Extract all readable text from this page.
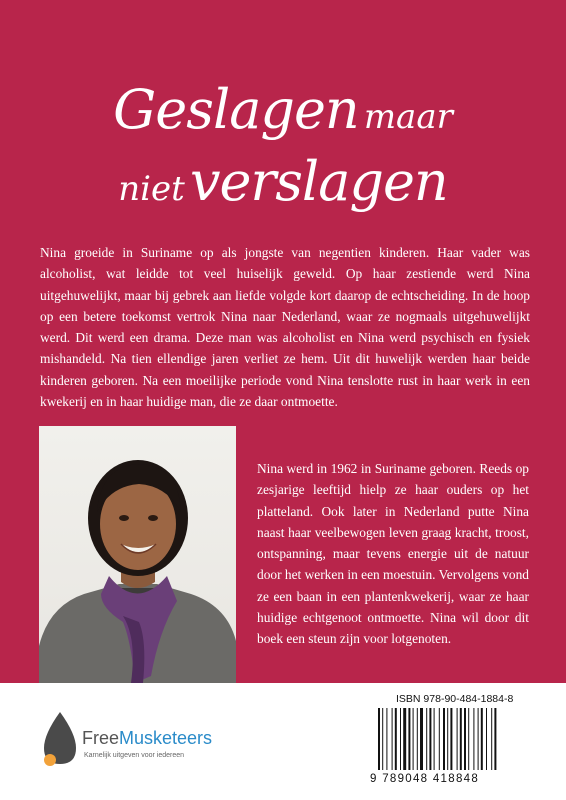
Geslagen maar
niet verslagen
Nina groeide in Suriname op als jongste van negentien kinderen. Haar vader was alcoholist, wat leidde tot veel huiselijk geweld. Op haar zestiende werd Nina uitgehuwelijkt, maar bij gebrek aan liefde volgde kort daarop de echtscheiding. In de hoop op een betere toekomst vertrok Nina naar Nederland, waar ze nogmaals uitgehuwelijkt werd. Dit werd een drama. Deze man was alcoholist en Nina werd psychisch en fysiek mishandeld. Na tien ellendige jaren verliet ze hem. Uit dit huwelijk werden haar beide kinderen geboren. Na een moeilijke periode vond Nina tenslotte rust in haar werk in een kwekerij en in haar huidige man, die ze daar ontmoette.
Nina werd in 1962 in Suriname geboren. Reeds op zesjarige leeftijd hielp ze haar ouders op het platteland. Ook later in Nederland putte Nina naast haar veelbewogen leven graag kracht, troost, ontspanning, maar tevens energie uit de natuur door het werken in een moestuin. Vervolgens vond ze een baan in een plantenkwekerij, waar ze haar huidige echtgenoot ontmoette. Nina wil door dit boek een steun zijn voor lotgenoten.
FreeMusketeers
Karnelijk uitgeven voor iedereen
ISBN 978-90-484-1884-8
9 789048 418848
